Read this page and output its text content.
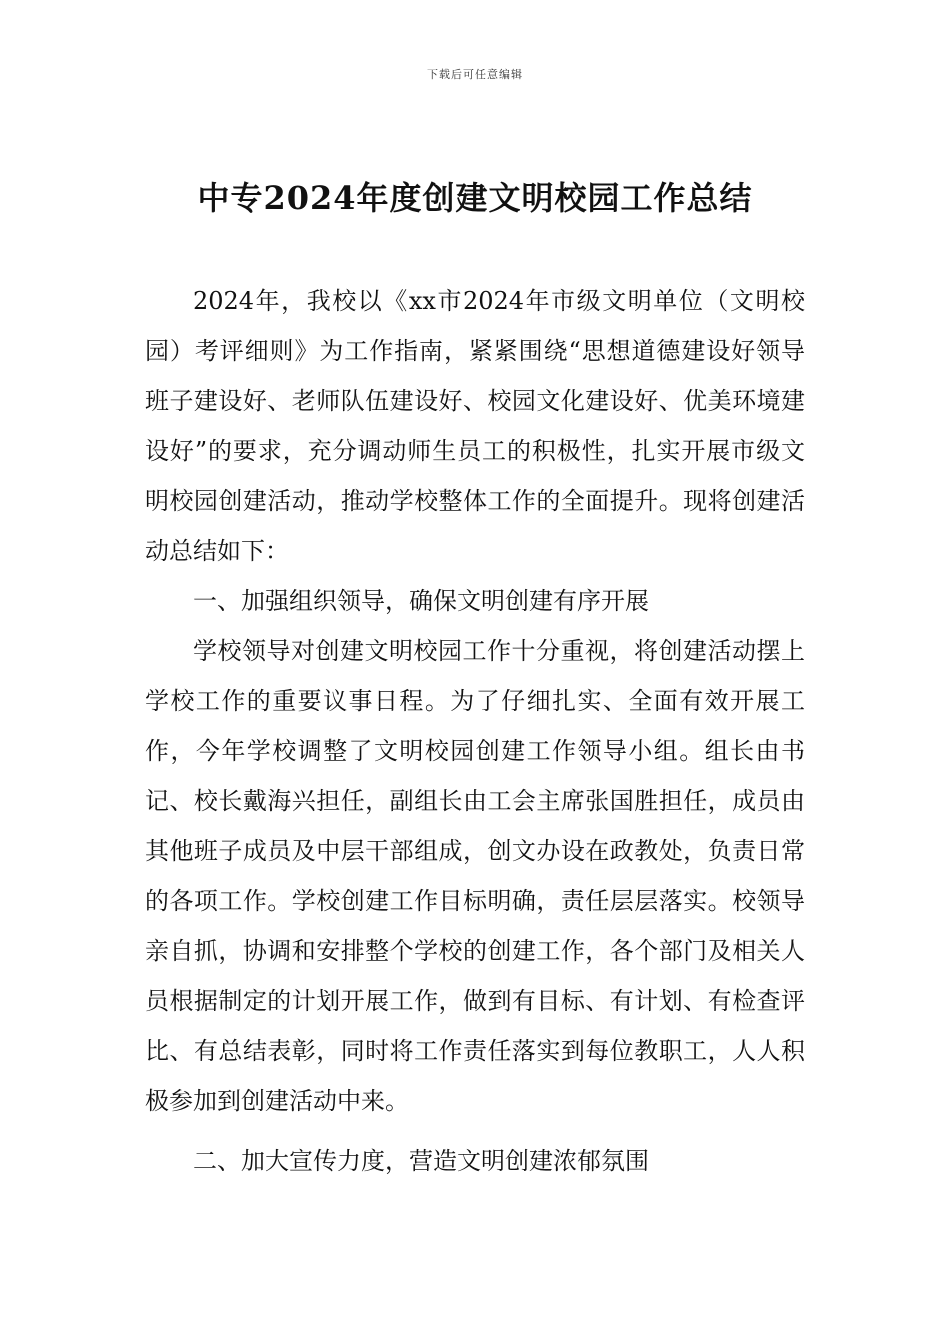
下载后可任意编辑
中专2024年度创建文明校园工作总结

2024年，我校以《xx市2024年市级文明单位（文明校园）考评细则》为工作指南，紧紧围绕“思想道德建设好领导班子建设好、老师队伍建设好、校园文化建设好、优美环境建设好”的要求，充分调动师生员工的积极性，扎实开展市级文明校园创建活动，推动学校整体工作的全面提升。现将创建活动总结如下：

一、加强组织领导，确保文明创建有序开展

学校领导对创建文明校园工作十分重视，将创建活动摆上学校工作的重要议事日程。为了仔细扎实、全面有效开展工作，今年学校调整了文明校园创建工作领导小组。组长由书记、校长戴海兴担任，副组长由工会主席张国胜担任，成员由其他班子成员及中层干部组成，创文办设在政教处，负责日常的各项工作。学校创建工作目标明确，责任层层落实。校领导亲自抓，协调和安排整个学校的创建工作，各个部门及相关人员根据制定的计划开展工作，做到有目标、有计划、有检查评比、有总结表彰，同时将工作责任落实到每位教职工，人人积极参加到创建活动中来。

二、加大宣传力度，营造文明创建浓郁氛围
